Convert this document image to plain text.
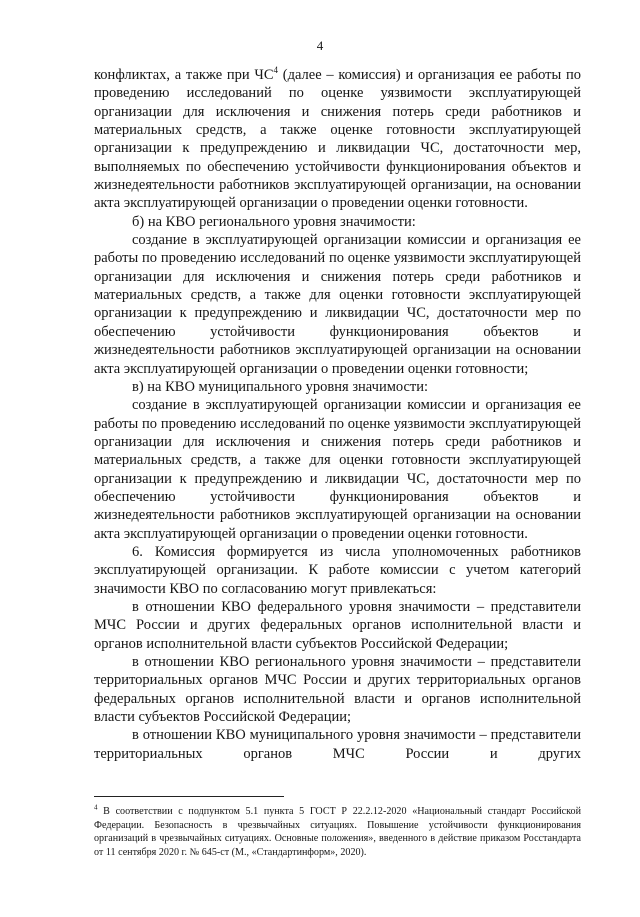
4

конфликтах, а также при ЧС$^4$ (далее – комиссия) и организация ее работы по проведению исследований по оценке уязвимости эксплуатирующей организации для исключения и снижения потерь среди работников и материальных средств, а также оценке готовности эксплуатирующей организации к предупреждению и ликвидации ЧС, достаточности мер, выполняемых по обеспечению устойчивости функционирования объектов и жизнедеятельности работников эксплуатирующей организации, на основании акта эксплуатирующей организации о проведении оценки готовности.

б) на КВО регионального уровня значимости:

создание в эксплуатирующей организации комиссии и организация ее работы по проведению исследований по оценке уязвимости эксплуатирующей организации для исключения и снижения потерь среди работников и материальных средств, а также для оценки готовности эксплуатирующей организации к предупреждению и ликвидации ЧС, достаточности мер по обеспечению устойчивости функционирования объектов и жизнедеятельности работников эксплуатирующей организации на основании акта эксплуатирующей организации о проведении оценки готовности;

в) на КВО муниципального уровня значимости:

создание в эксплуатирующей организации комиссии и организация ее работы по проведению исследований по оценке уязвимости эксплуатирующей организации для исключения и снижения потерь среди работников и материальных средств, а также для оценки готовности эксплуатирующей организации к предупреждению и ликвидации ЧС, достаточности мер по обеспечению устойчивости функционирования объектов и жизнедеятельности работников эксплуатирующей организации на основании акта эксплуатирующей организации о проведении оценки готовности.

6. Комиссия формируется из числа уполномоченных работников эксплуатирующей организации. К работе комиссии с учетом категорий значимости КВО по согласованию могут привлекаться:

в отношении КВО федерального уровня значимости – представители МЧС России и других федеральных органов исполнительной власти и органов исполнительной власти субъектов Российской Федерации;

в отношении КВО регионального уровня значимости – представители территориальных органов МЧС России и других территориальных органов федеральных органов исполнительной власти и органов исполнительной власти субъектов Российской Федерации;

в отношении КВО муниципального уровня значимости – представители территориальных органов МЧС России и других

$^4$ В соответствии с подпунктом 5.1 пункта 5 ГОСТ Р 22.2.12-2020 «Национальный стандарт Российской Федерации. Безопасность в чрезвычайных ситуациях. Повышение устойчивости функционирования организаций в чрезвычайных ситуациях. Основные положения», введенного в действие приказом Росстандарта от 11 сентября 2020 г. № 645-ст (М., «Стандартинформ», 2020).
